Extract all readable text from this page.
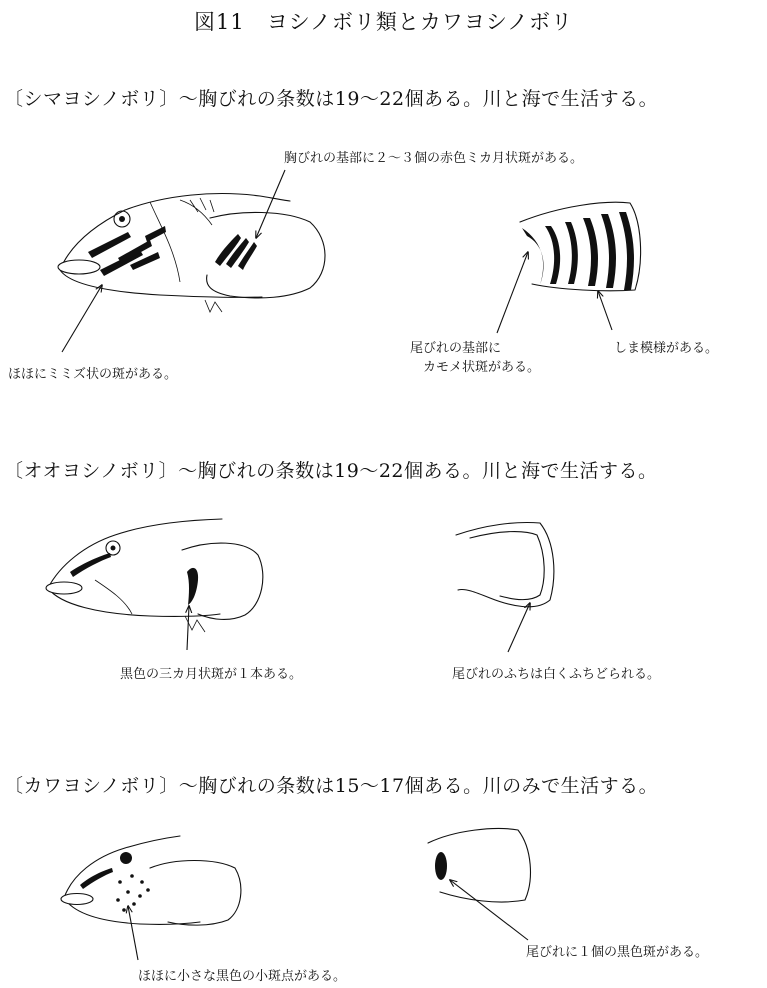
図11　ヨシノボリ類とカワヨシノボリ
〔シマヨシノボリ〕～胸びれの条数は19～22個ある。川と海で生活する。
胸びれの基部に２～３個の赤色ミカ月状斑がある。
ほほにミミズ状の斑がある。
尾びれの基部に
カモメ状斑がある。
しま模様がある。
〔オオヨシノボリ〕～胸びれの条数は19～22個ある。川と海で生活する。
黒色の三カ月状斑が１本ある。	尾びれのふちは白くふちどられる。
〔カワヨシノボリ〕～胸びれの条数は15～17個ある。川のみで生活する。
ほほに小さな黒色の小斑点がある。
尾びれに１個の黒色斑がある。
